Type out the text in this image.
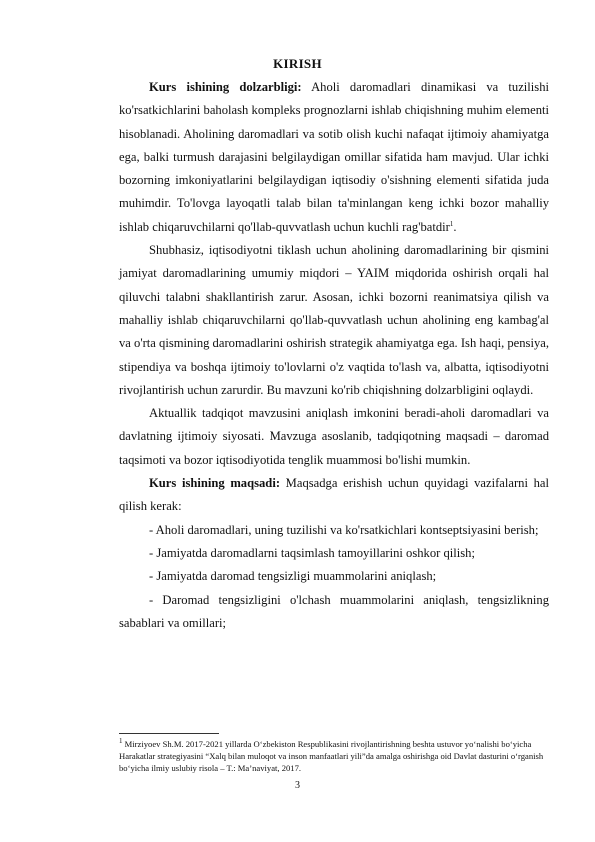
KIRISH

Kurs ishining dolzarbligi: Aholi daromadlari dinamikasi va tuzilishi ko'rsatkichlarini baholash kompleks prognozlarni ishlab chiqishning muhim elementi hisoblanadi. Aholining daromadlari va sotib olish kuchi nafaqat ijtimoiy ahamiyatga ega, balki turmush darajasini belgilaydigan omillar sifatida ham mavjud. Ular ichki bozorning imkoniyatlarini belgilaydigan iqtisodiy o'sishning elementi sifatida juda muhimdir. To'lovga layoqatli talab bilan ta'minlangan keng ichki bozor mahalliy ishlab chiqaruvchilarni qo'llab-quvvatlash uchun kuchli rag'batdir$^1$.

Shubhasiz, iqtisodiyotni tiklash uchun aholining daromadlarining bir qismini jamiyat daromadlarining umumiy miqdori – YAIM miqdorida oshirish orqali hal qiluvchi talabni shakllantirish zarur. Asosan, ichki bozorni reanimatsiya qilish va mahalliy ishlab chiqaruvchilarni qo'llab-quvvatlash uchun aholining eng kambag'al va o'rta qismining daromadlarini oshirish strategik ahamiyatga ega. Ish haqi, pensiya, stipendiya va boshqa ijtimoiy to'lovlarni o'z vaqtida to'lash va, albatta, iqtisodiyotni rivojlantirish uchun zarurdir. Bu mavzuni ko'rib chiqishning dolzarbligini oqlaydi.

Aktuallik tadqiqot mavzusini aniqlash imkonini beradi-aholi daromadlari va davlatning ijtimoiy siyosati. Mavzuga asoslanib, tadqiqotning maqsadi – daromad taqsimoti va bozor iqtisodiyotida tenglik muammosi bo'lishi mumkin.

Kurs ishining maqsadi: Maqsadga erishish uchun quyidagi vazifalarni hal qilish kerak:

- Aholi daromadlari, uning tuzilishi va ko'rsatkichlari kontseptsiyasini berish;

- Jamiyatda daromadlarni taqsimlash tamoyillarini oshkor qilish;

- Jamiyatda daromad tengsizligi muammolarini aniqlash;

- Daromad tengsizligini o'lchash muammolarini aniqlash, tengsizlikning sabablari va omillari;

$^1$ Mirziyoev Sh.M. 2017-2021 yillarda O‘zbekiston Respublikasini rivojlantirishning beshta ustuvor yo‘nalishi bo‘yicha Harakatlar strategiyasini “Xalq bilan muloqot va inson manfaatlari yili”da amalga oshirishga oid Davlat dasturini o‘rganish bo‘yicha ilmiy uslubiy risola – T.: Ma’naviyat, 2017.
3
